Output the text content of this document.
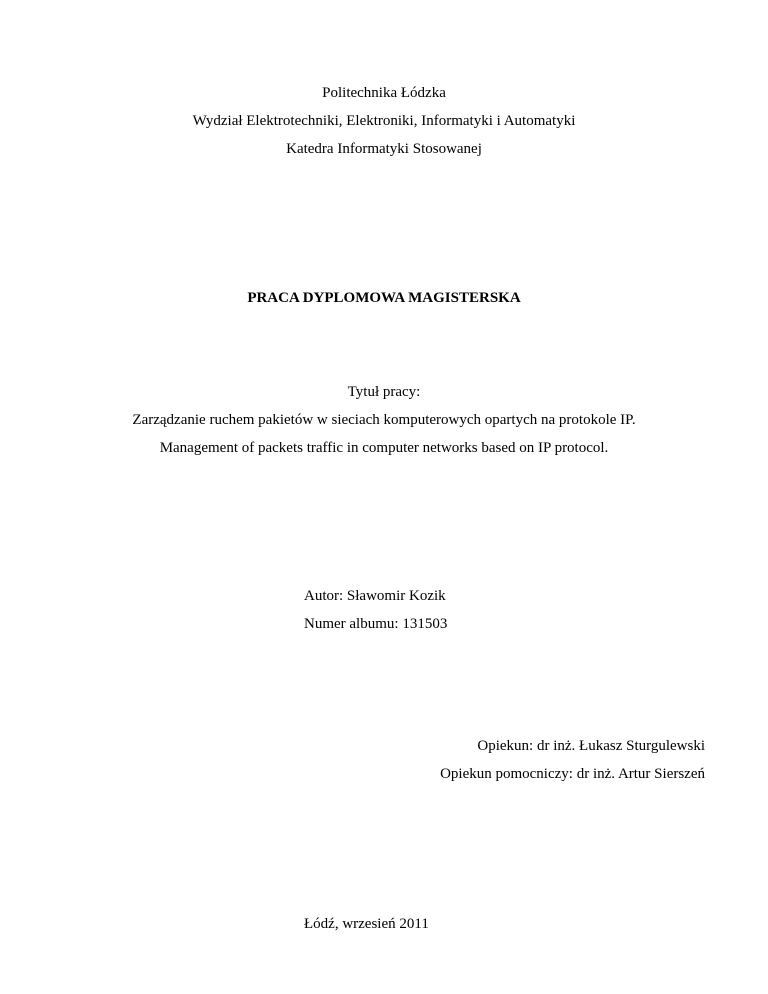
Politechnika Łódzka
Wydział Elektrotechniki, Elektroniki, Informatyki i Automatyki
Katedra Informatyki Stosowanej
PRACA DYPLOMOWA MAGISTERSKA
Tytuł pracy:
Zarządzanie ruchem pakietów w sieciach komputerowych opartych na protokole IP.
Management of packets traffic in computer networks based on IP protocol.
Autor: Sławomir Kozik
Numer albumu: 131503
Opiekun: dr inż. Łukasz Sturgulewski
Opiekun pomocniczy: dr inż. Artur Sierszeń
Łódź, wrzesień 2011
